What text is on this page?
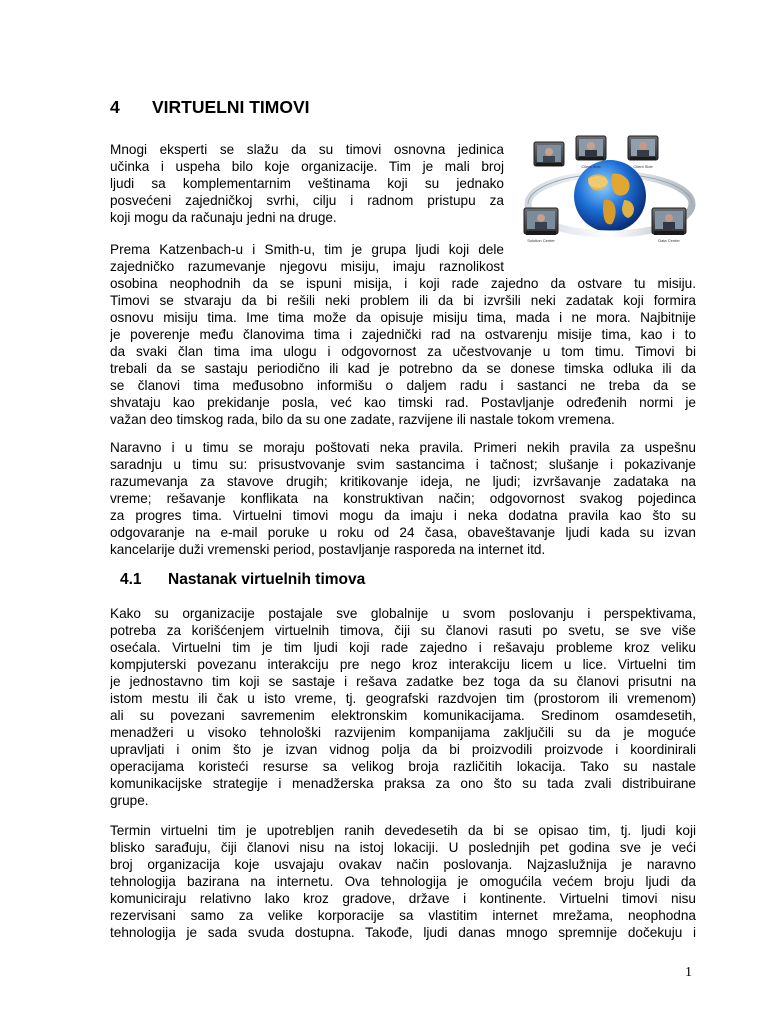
4 VIRTUELNI TIMOVI
Mnogi eksperti se slažu da su timovi osnovna jedinica
učinka i uspeha bilo koje organizacije. Tim je mali broj
ljudi sa komplementarnim veštinama koji su jednako
posvećeni zajedničkoj svrhi, cilju i radnom pristupu za
koji mogu da računaju jedni na druge.
Client Side	Client Side
Solution Center	Data Center
Prema Katzenbach-u i Smith-u, tim je grupa ljudi koji dele
zajedničko razumevanje njegovu misiju, imaju raznolikost
osobina neophodnih da se ispuni misija, i koji rade zajedno da ostvare tu misiju.
Timovi se stvaraju da bi rešili neki problem ili da bi izvršili neki zadatak koji formira
osnovu misiju tima. Ime tima može da opisuje misiju tima, mada i ne mora. Najbitnije
je poverenje među članovima tima i zajednički rad na ostvarenju misije tima, kao i to
da svaki član tima ima ulogu i odgovornost za učestvovanje u tom timu. Timovi bi
trebali da se sastaju periodično ili kad je potrebno da se donese timska odluka ili da
se članovi tima međusobno informišu o daljem radu i sastanci ne treba da se
shvataju kao prekidanje posla, već kao timski rad. Postavljanje određenih normi je
važan deo timskog rada, bilo da su one zadate, razvijene ili nastale tokom vremena.
Naravno i u timu se moraju poštovati neka pravila. Primeri nekih pravila za uspešnu
saradnju u timu su: prisustvovanje svim sastancima i tačnost; slušanje i pokazivanje
razumevanja za stavove drugih; kritikovanje ideja, ne ljudi; izvršavanje zadataka na
vreme; rešavanje konflikata na konstruktivan način; odgovornost svakog pojedinca
za progres tima. Virtuelni timovi mogu da imaju i neka dodatna pravila kao što su
odgovaranje na e-mail poruke u roku od 24 časa, obaveštavanje ljudi kada su izvan
kancelarije duži vremenski period, postavljanje rasporeda na internet itd.
4.1 Nastanak virtuelnih timova
Kako su organizacije postajale sve globalnije u svom poslovanju i perspektivama,
potreba za korišćenjem virtuelnih timova, čiji su članovi rasuti po svetu, se sve više
osećala. Virtuelni tim je tim ljudi koji rade zajedno i rešavaju probleme kroz veliku
kompjuterski povezanu interakciju pre nego kroz interakciju licem u lice. Virtuelni tim
je jednostavno tim koji se sastaje i rešava zadatke bez toga da su članovi prisutni na
istom mestu ili čak u isto vreme, tj. geografski razdvojen tim (prostorom ili vremenom)
ali su povezani savremenim elektronskim komunikacijama. Sredinom osamdesetih,
menadžeri u visoko tehnološki razvijenim kompanijama zaključili su da je moguće
upravljati i onim što je izvan vidnog polja da bi proizvodili proizvode i koordinirali
operacijama koristeći resurse sa velikog broja različitih lokacija. Tako su nastale
komunikacijske strategije i menadžerska praksa za ono što su tada zvali distribuirane
grupe.
Termin virtuelni tim je upotrebljen ranih devedesetih da bi se opisao tim, tj. ljudi koji
blisko sarađuju, čiji članovi nisu na istoj lokaciji. U poslednjih pet godina sve je veći
broj organizacija koje usvajaju ovakav način poslovanja. Najzaslužnija je naravno
tehnologija bazirana na internetu. Ova tehnologija je omogućila većem broju ljudi da
komuniciraju relativno lako kroz gradove, države i kontinente. Virtuelni timovi nisu
rezervisani samo za velike korporacije sa vlastitim internet mrežama, neophodna
tehnologija je sada svuda dostupna. Takođe, ljudi danas mnogo spremnije dočekuju i
1
